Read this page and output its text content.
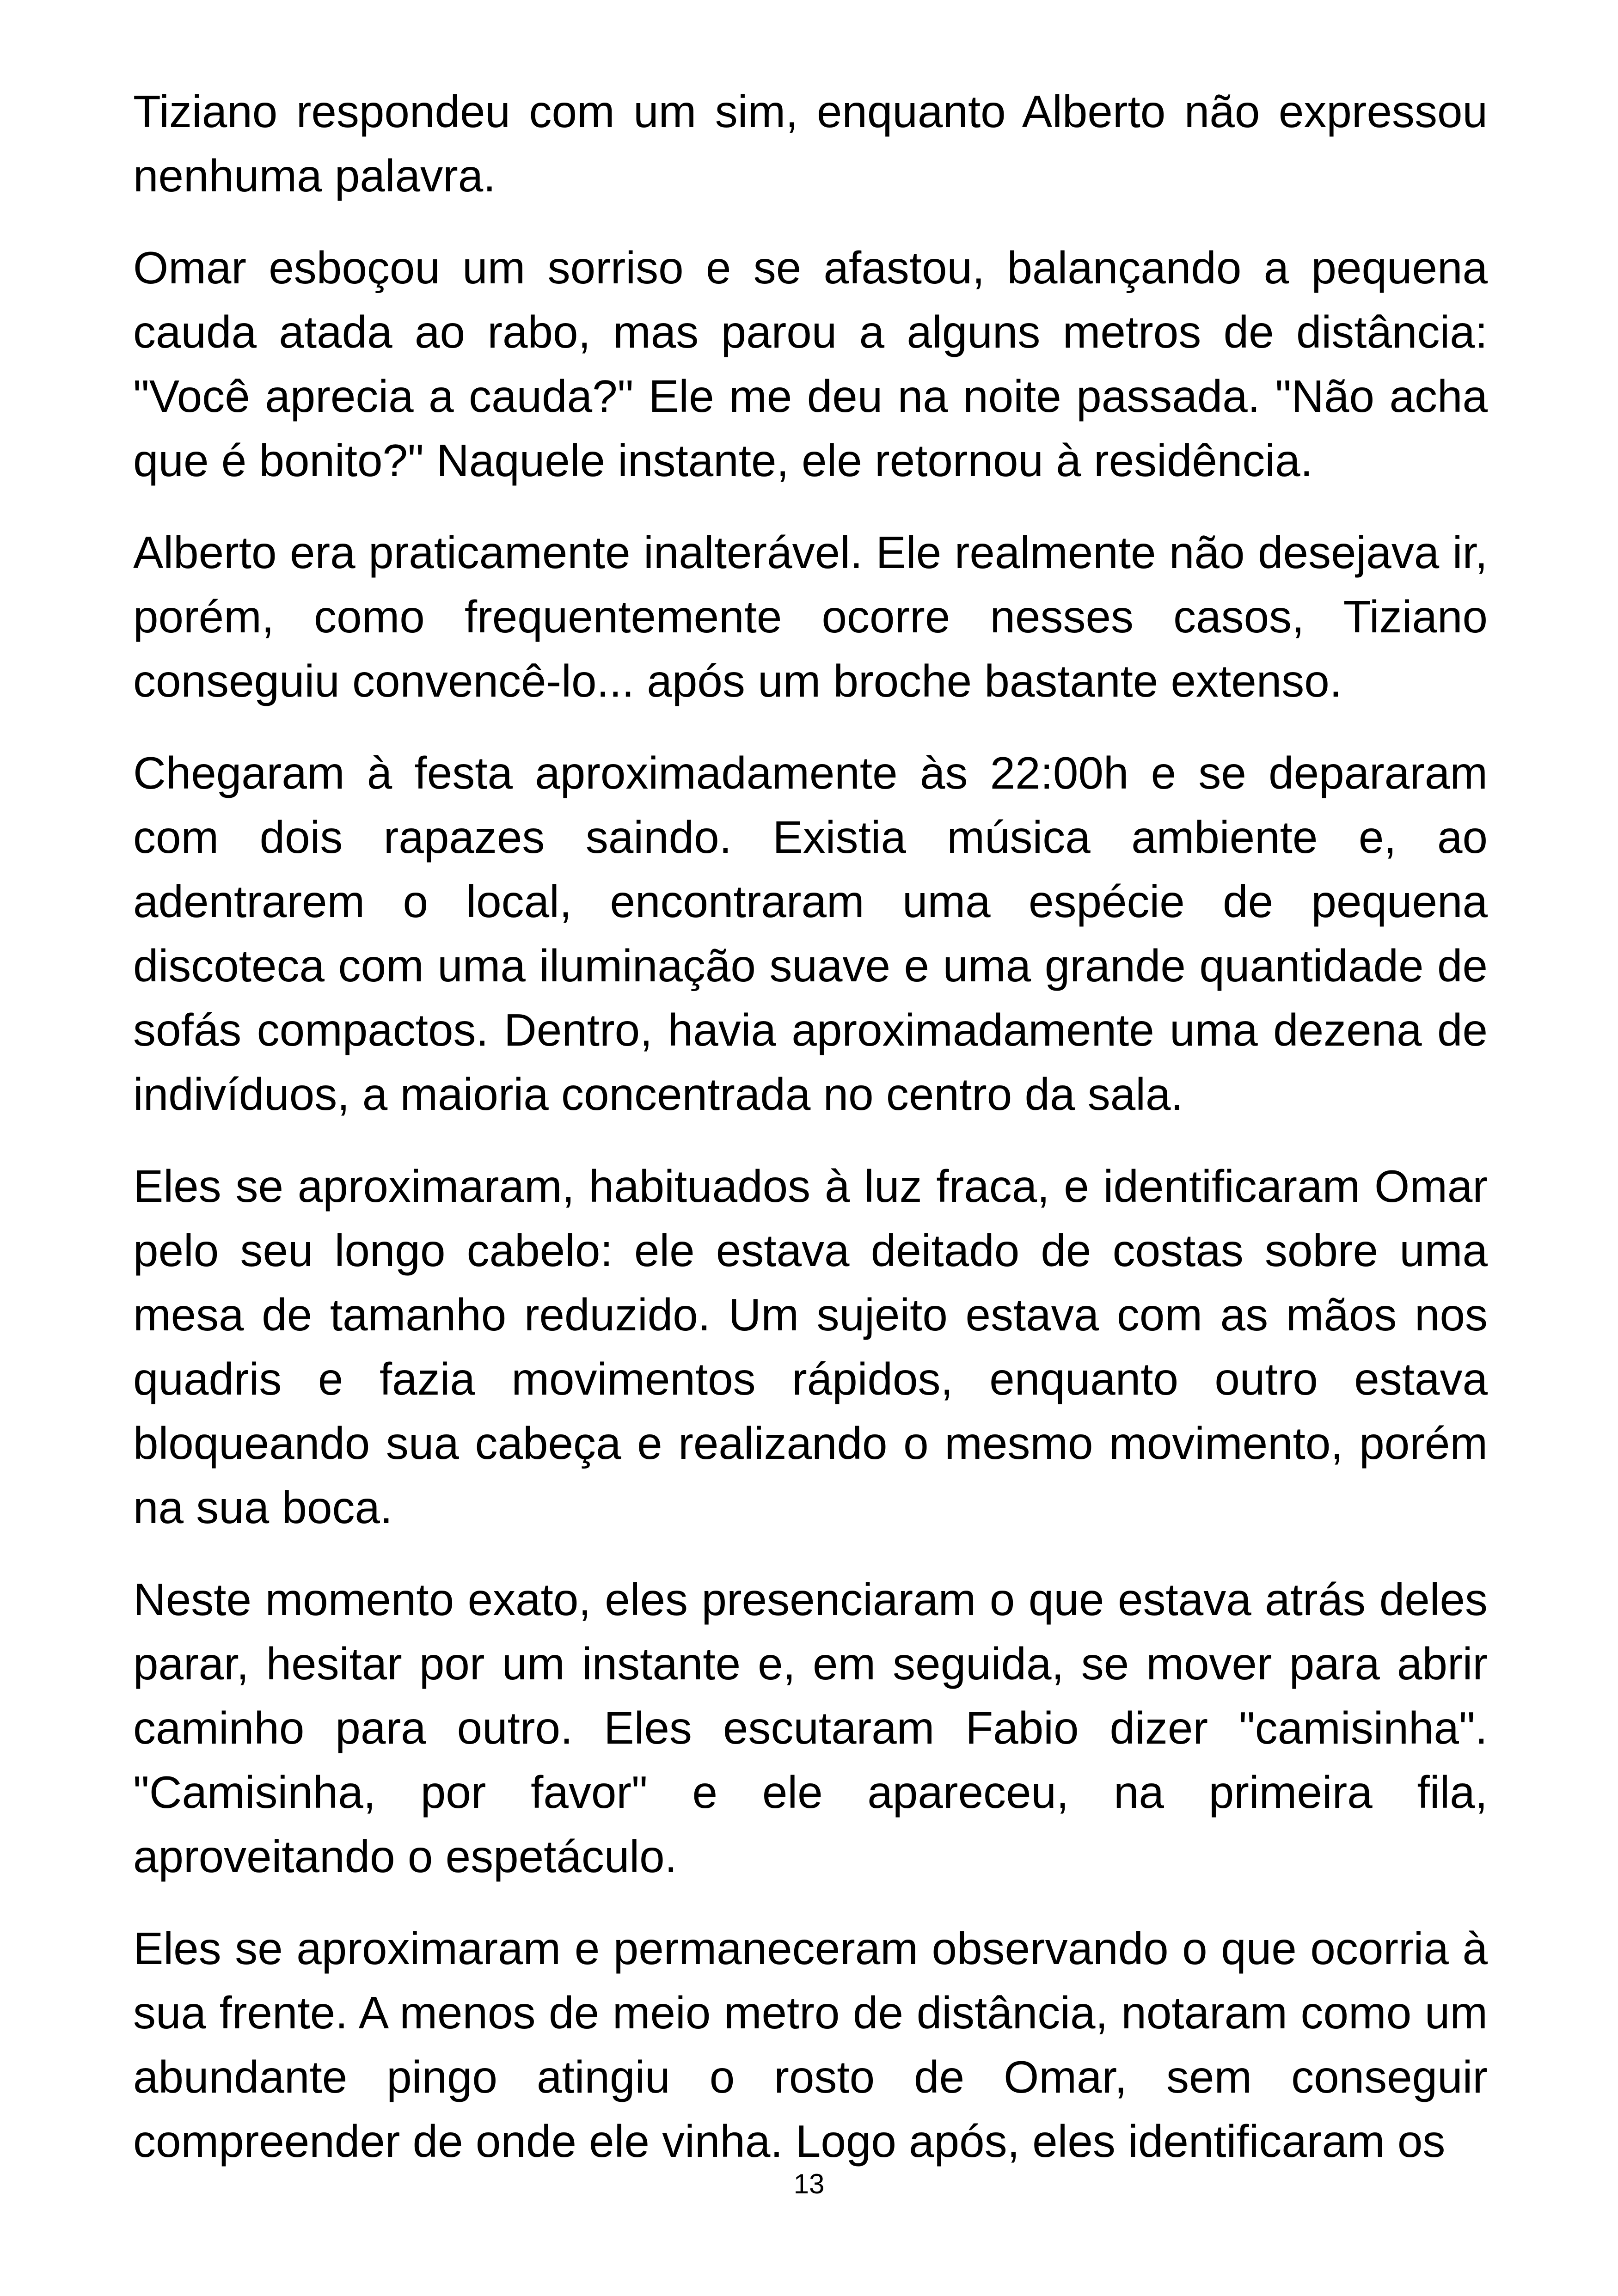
Tiziano respondeu com um sim, enquanto Alberto não expressou nenhuma palavra.

Omar esboçou um sorriso e se afastou, balançando a pequena cauda atada ao rabo, mas parou a alguns metros de distância: "Você aprecia a cauda?" Ele me deu na noite passada. "Não acha que é bonito?" Naquele instante, ele retornou à residência.

Alberto era praticamente inalterável. Ele realmente não desejava ir, porém, como frequentemente ocorre nesses casos, Tiziano conseguiu convencê-lo... após um broche bastante extenso.

Chegaram à festa aproximadamente às 22:00h e se depararam com dois rapazes saindo. Existia música ambiente e, ao adentrarem o local, encontraram uma espécie de pequena discoteca com uma iluminação suave e uma grande quantidade de sofás compactos. Dentro, havia aproximadamente uma dezena de indivíduos, a maioria concentrada no centro da sala.

Eles se aproximaram, habituados à luz fraca, e identificaram Omar pelo seu longo cabelo: ele estava deitado de costas sobre uma mesa de tamanho reduzido. Um sujeito estava com as mãos nos quadris e fazia movimentos rápidos, enquanto outro estava bloqueando sua cabeça e realizando o mesmo movimento, porém na sua boca.

Neste momento exato, eles presenciaram o que estava atrás deles parar, hesitar por um instante e, em seguida, se mover para abrir caminho para outro. Eles escutaram Fabio dizer "camisinha". "Camisinha, por favor" e ele apareceu, na primeira fila, aproveitando o espetáculo.

Eles se aproximaram e permaneceram observando o que ocorria à sua frente. A menos de meio metro de distância, notaram como um abundante pingo atingiu o rosto de Omar, sem conseguir compreender de onde ele vinha. Logo após, eles identificaram os

13
